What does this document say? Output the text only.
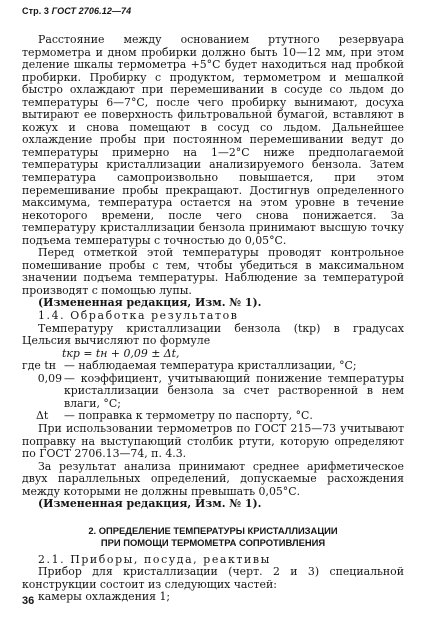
Стр. 3 ГОСТ 2706.12—74

Расстояние между основанием ртутного резервуара термометра и дном пробирки должно быть 10—12 мм, при этом деление шкалы термометра +5°С будет находиться над пробкой пробирки. Пробирку с продуктом, термометром и мешалкой быстро охлаждают при перемешивании в сосуде со льдом до температуры 6—7°С, после чего пробирку вынимают, досуха вытирают ее поверхность фильтровальной бумагой, вставляют в кожух и снова помещают в сосуд со льдом. Дальнейшее охлаждение пробы при постоянном перемешивании ведут до температуры примерно на 1—2°С ниже предполагаемой температуры кристаллизации анализируемого бензола. Затем температура самопроизвольно повышается, при этом перемешивание пробы прекращают. Достигнув определенного максимума, температура остается на этом уровне в течение некоторого времени, после чего снова понижается. За температуру кристаллизации бензола принимают высшую точку подъема температуры с точностью до 0,05°С.

Перед отметкой этой температуры проводят контрольное помешивание пробы с тем, чтобы убедиться в максимальном значении подъема температуры. Наблюдение за температурой производят с помощью лупы.

(Измененная редакция, Изм. № 1).

1.4. Обработка результатов

Температуру кристаллизации бензола (tкр) в градусах Цельсия вычисляют по формуле

tкр = tн + 0,09 ± Δt,

где tн — наблюдаемая температура кристаллизации, °С;
0,09 — коэффициент, учитывающий понижение температуры кристаллизации бензола за счет растворенной в нем влаги, °С;
Δt	— поправка к термометру по паспорту, °С.

При использовании термометров по ГОСТ 215—73 учитывают поправку на выступающий столбик ртути, которую определяют по ГОСТ 2706.13—74, п. 4.3.

За результат анализа принимают среднее арифметическое двух параллельных определений, допускаемые расхождения между которыми не должны превышать 0,05°С.

(Измененная редакция, Изм. № 1).

2. ОПРЕДЕЛЕНИЕ ТЕМПЕРАТУРЫ КРИСТАЛЛИЗАЦИИ
ПРИ ПОМОЩИ ТЕРМОМЕТРА СОПРОТИВЛЕНИЯ

2.1. Приборы, посуда, реактивы

Прибор для кристаллизации (черт. 2 и 3) специальной конструкции состоит из следующих частей:

камеры охлаждения 1;

36
